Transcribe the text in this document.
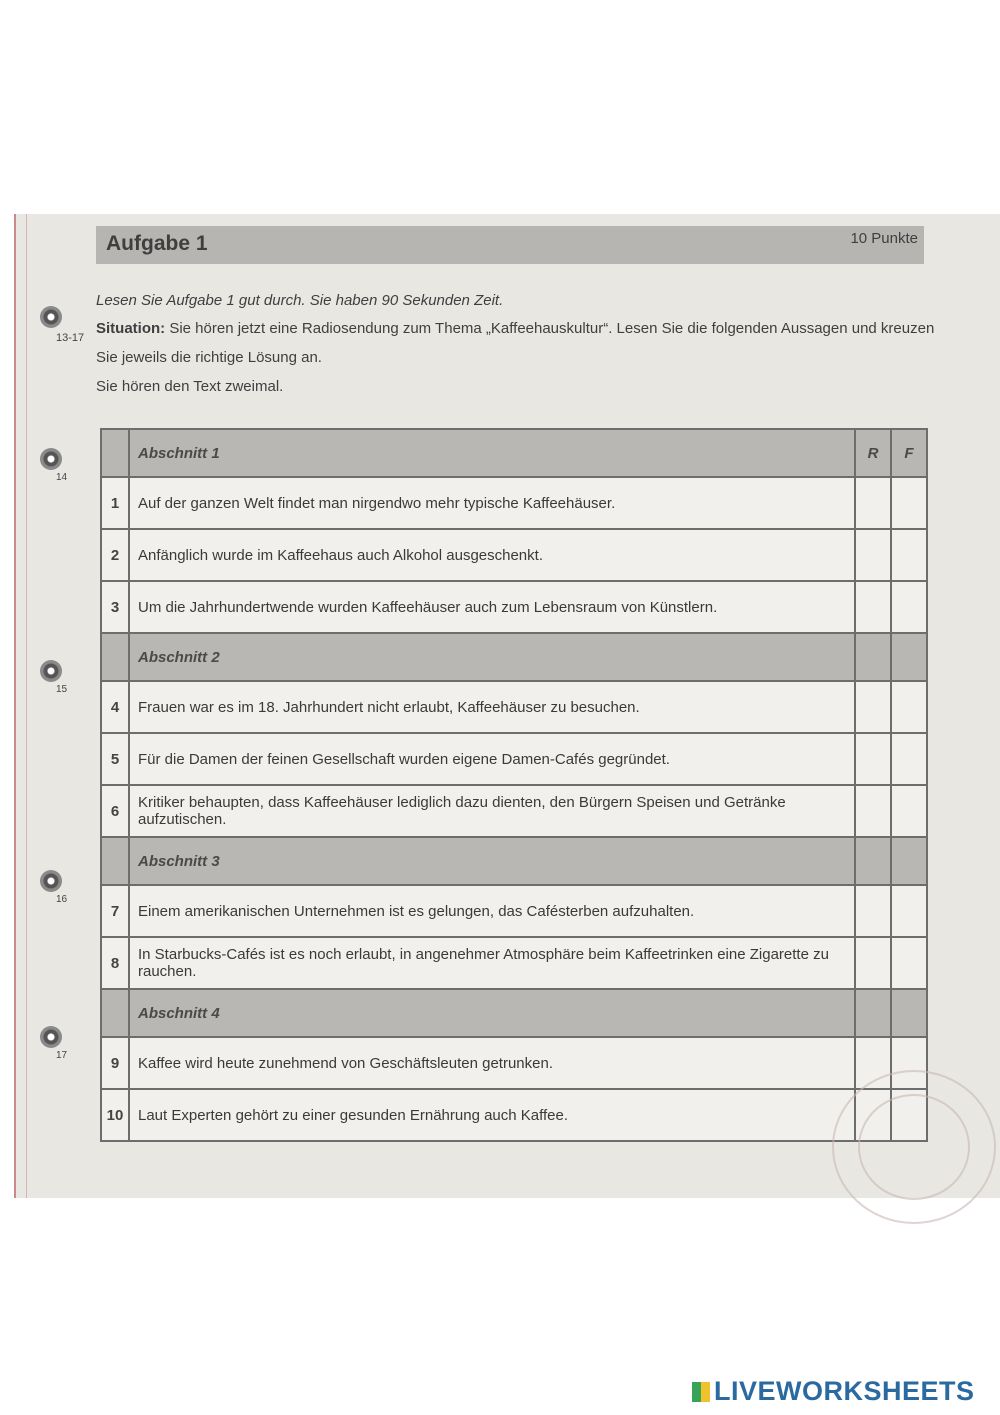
Aufgabe 1	10 Punkte
13-17
Lesen Sie Aufgabe 1 gut durch. Sie haben 90 Sekunden Zeit.
Situation: Sie hören jetzt eine Radiosendung zum Thema „Kaffeehauskultur“. Lesen Sie die folgenden Aussagen und kreuzen Sie jeweils die richtige Lösung an.
Sie hören den Text zweimal.
14
15
16
17
	Abschnitt 1	R	F
1	Auf der ganzen Welt findet man nirgendwo mehr typische Kaffeehäuser.		
2	Anfänglich wurde im Kaffeehaus auch Alkohol ausgeschenkt.		
3	Um die Jahrhundertwende wurden Kaffeehäuser auch zum Lebensraum von Künstlern.		
	Abschnitt 2		
4	Frauen war es im 18. Jahrhundert nicht erlaubt, Kaffeehäuser zu besuchen.		
5	Für die Damen der feinen Gesellschaft wurden eigene Damen-Cafés gegründet.		
6	Kritiker behaupten, dass Kaffeehäuser lediglich dazu dienten, den Bürgern Speisen und Getränke aufzutischen.		
	Abschnitt 3		
7	Einem amerikanischen Unternehmen ist es gelungen, das Cafésterben aufzuhalten.		
8	In Starbucks-Cafés ist es noch erlaubt, in angenehmer Atmosphäre beim Kaffeetrinken eine Zigarette zu rauchen.		
	Abschnitt 4		
9	Kaffee wird heute zunehmend von Geschäftsleuten getrunken.		
10	Laut Experten gehört zu einer gesunden Ernährung auch Kaffee.		
LIVEWORKSHEETS
